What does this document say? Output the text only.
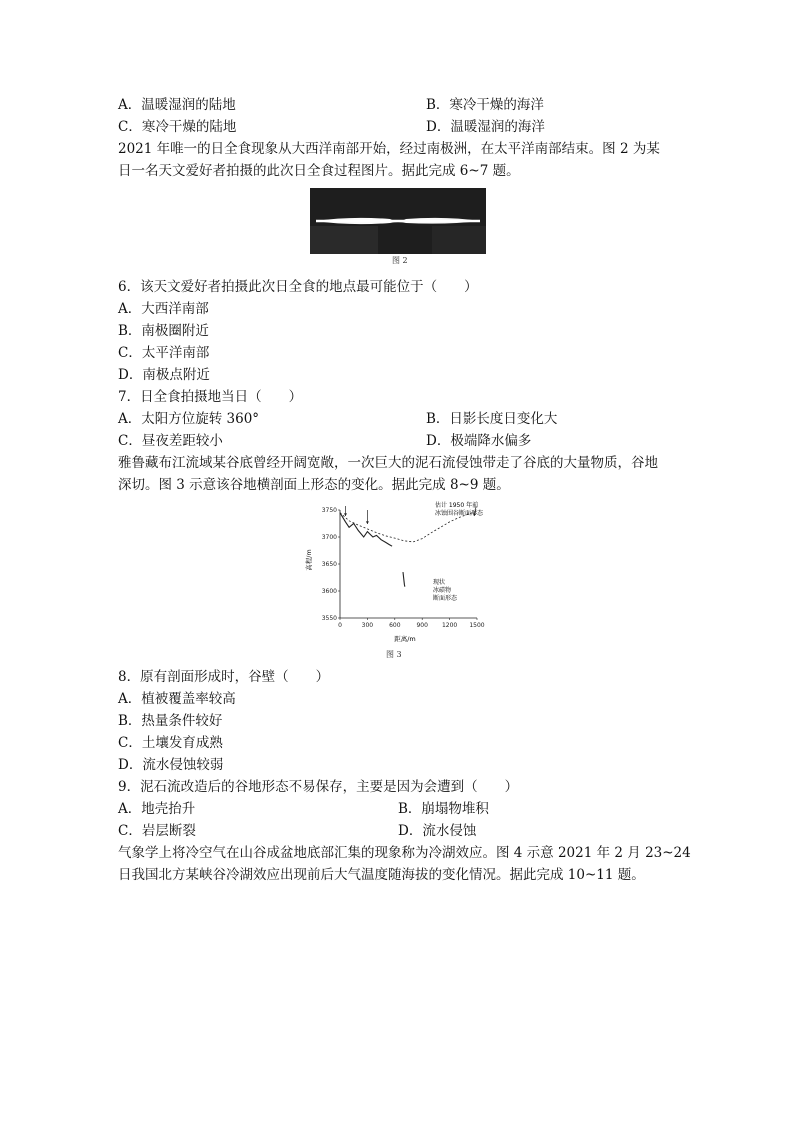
A．温暖湿润的陆地	B．寒冷干燥的海洋
C．寒冷干燥的陆地	D．温暖湿润的海洋
2021 年唯一的日全食现象从大西洋南部开始，经过南极洲，在太平洋南部结束。图 2 为某
日一名天文爱好者拍摄的此次日全食过程图片。据此完成 6~7 题。
图 2
6．该天文爱好者拍摄此次日全食的地点最可能位于（　　）
A．大西洋南部
B．南极圈附近
C．太平洋南部
D．南极点附近
7．日全食拍摄地当日（　　）
A．太阳方位旋转 360°	B．日影长度日变化大
C．昼夜差距较小	D．极端降水偏多
雅鲁藏布江流域某谷底曾经开阔宽敞，一次巨大的泥石流侵蚀带走了谷底的大量物质，谷地
深切。图 3 示意该谷地横剖面上形态的变化。据此完成 8~9 题。
0	300	600	900 1200 1500
3550
3600
3650
3700
3750
高程/m
距离/m
估计 1950 年前
冰蚀围谷断面形态
现状
冰碛物
断面形态
图 3
8．原有剖面形成时，谷壁（　　）
A．植被覆盖率较高
B．热量条件较好
C．土壤发育成熟
D．流水侵蚀较弱
9．泥石流改造后的谷地形态不易保存，主要是因为会遭到（　　）
A．地壳抬升	B．崩塌物堆积
C．岩层断裂	D．流水侵蚀
气象学上将冷空气在山谷成盆地底部汇集的现象称为冷湖效应。图 4 示意 2021 年 2 月 23~24
日我国北方某峡谷冷湖效应出现前后大气温度随海拔的变化情况。据此完成 10~11 题。
